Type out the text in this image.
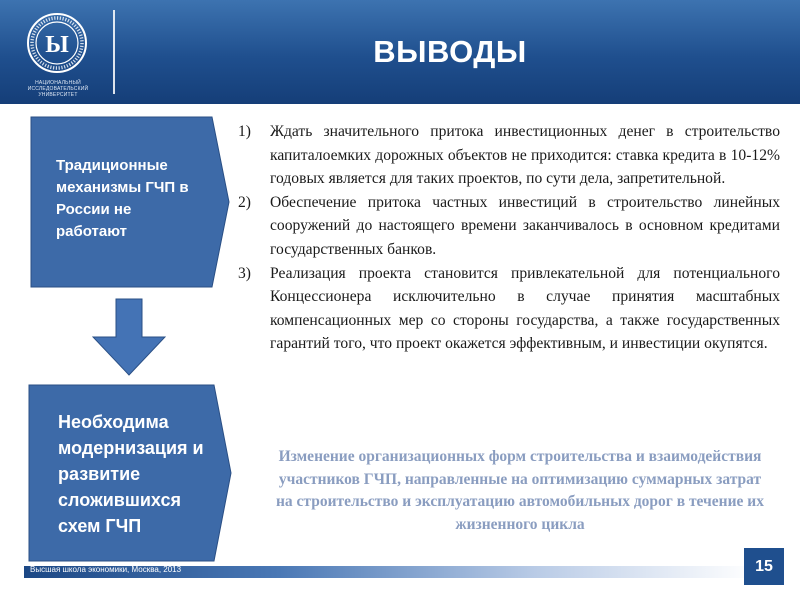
Ы
НАЦИОНАЛЬНЫЙ ИССЛЕДОВАТЕЛЬСКИЙ УНИВЕРСИТЕТ
ВЫВОДЫ
Традиционные механизмы ГЧП в России не работают
Необходима модернизация и развитие сложившихся схем ГЧП
1) Ждать значительного притока инвестиционных денег в строительство капиталоемких дорожных объектов не приходится: ставка кредита в 10-12% годовых является для таких проектов, по сути дела, запретительной.
2) Обеспечение притока частных инвестиций в строительство линейных сооружений до настоящего времени заканчивалось в основном кредитами государственных банков.
3) Реализация проекта становится привлекательной для потенциального Концессионера исключительно в случае принятия масштабных компенсационных мер со стороны государства, а также государственных гарантий того, что проект окажется эффективным, и инвестиции окупятся.
Изменение организационных форм строительства и взаимодействия участников ГЧП, направленные на оптимизацию суммарных затрат на строительство и эксплуатацию автомобильных дорог в течение их жизненного цикла
Высшая школа экономики, Москва, 2013	15
